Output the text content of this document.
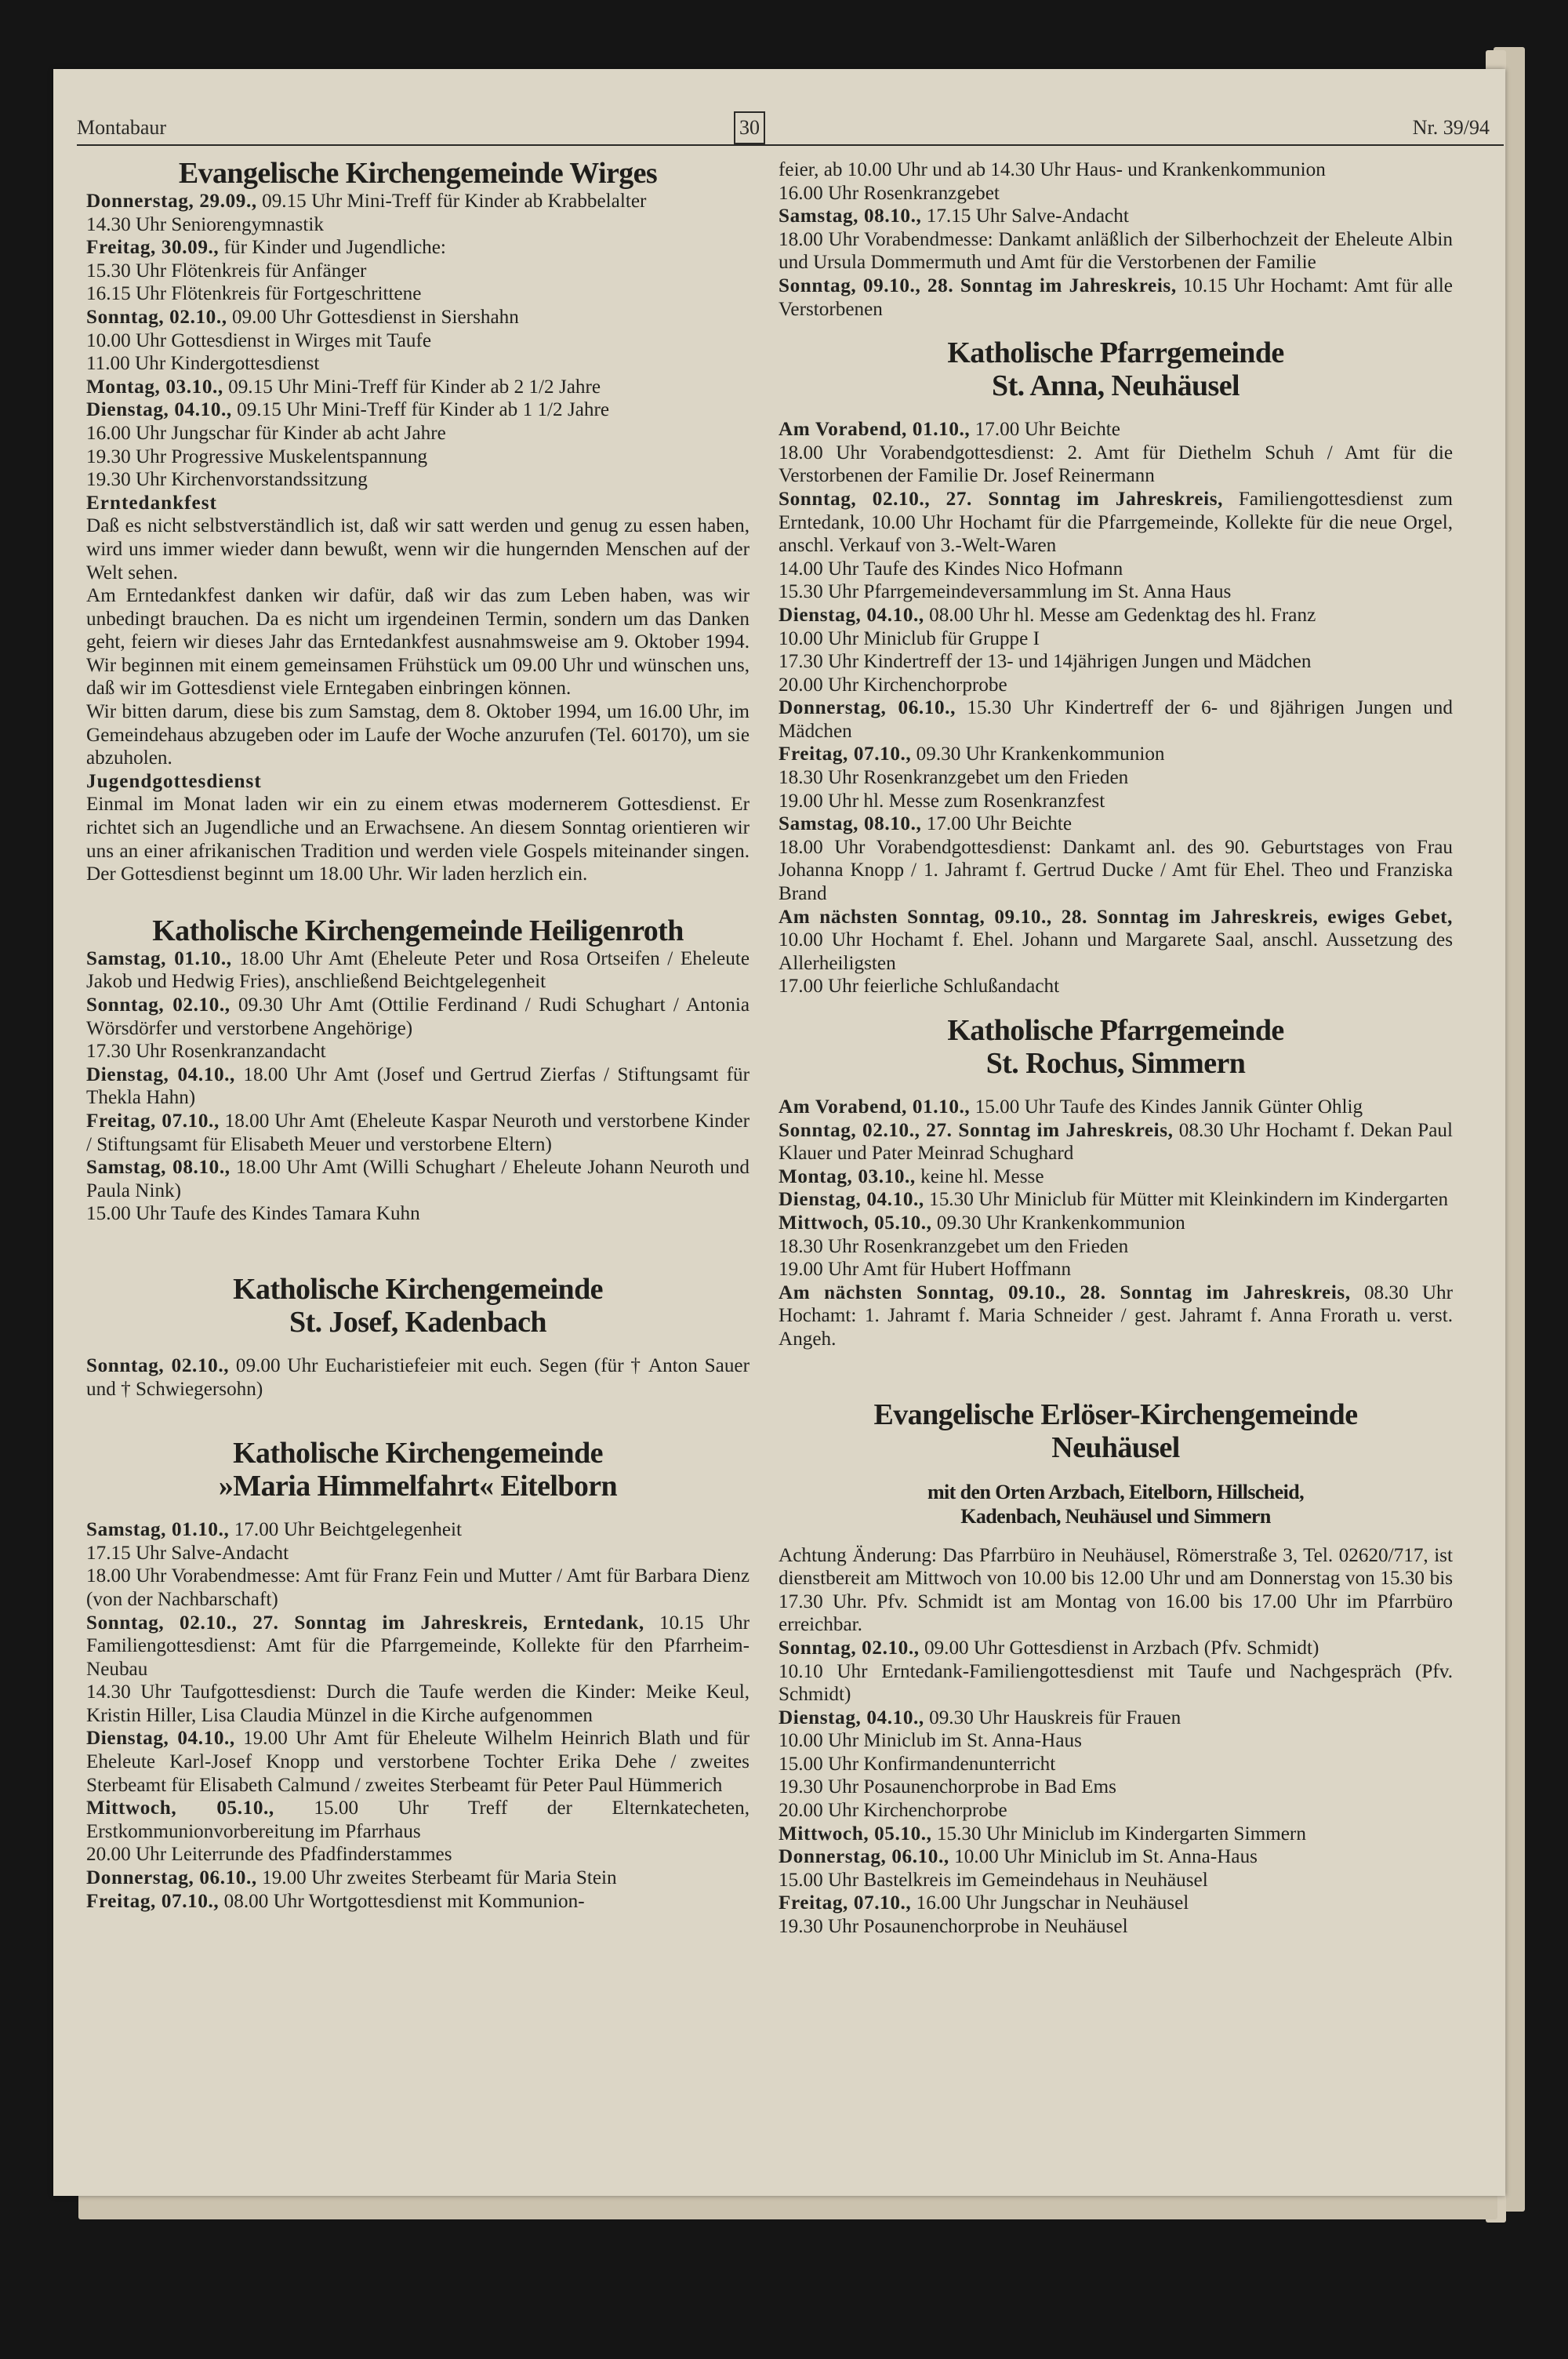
Montabaur	30	Nr. 39/94
Evangelische Kirchengemeinde Wirges

Donnerstag, 29.09., 09.15 Uhr Mini-Treff für Kinder ab Krabbelalter

14.30 Uhr Seniorengymnastik

Freitag, 30.09., für Kinder und Jugendliche:

15.30 Uhr Flötenkreis für Anfänger

16.15 Uhr Flötenkreis für Fortgeschrittene

Sonntag, 02.10., 09.00 Uhr Gottesdienst in Siershahn

10.00 Uhr Gottesdienst in Wirges mit Taufe

11.00 Uhr Kindergottesdienst

Montag, 03.10., 09.15 Uhr Mini-Treff für Kinder ab 2 1/2 Jahre

Dienstag, 04.10., 09.15 Uhr Mini-Treff für Kinder ab 1 1/2 Jahre

16.00 Uhr Jungschar für Kinder ab acht Jahre

19.30 Uhr Progressive Muskelentspannung

19.30 Uhr Kirchenvorstandssitzung

Erntedankfest

Daß es nicht selbstverständlich ist, daß wir satt werden und genug zu essen haben, wird uns immer wieder dann bewußt, wenn wir die hungernden Menschen auf der Welt sehen.

Am Erntedankfest danken wir dafür, daß wir das zum Leben haben, was wir unbedingt brauchen. Da es nicht um irgendeinen Termin, sondern um das Danken geht, feiern wir dieses Jahr das Erntedankfest ausnahmsweise am 9. Oktober 1994. Wir beginnen mit einem gemeinsamen Frühstück um 09.00 Uhr und wünschen uns, daß wir im Gottesdienst viele Erntegaben einbringen können.

Wir bitten darum, diese bis zum Samstag, dem 8. Oktober 1994, um 16.00 Uhr, im Gemeindehaus abzugeben oder im Laufe der Woche anzurufen (Tel. 60170), um sie abzuholen.

Jugendgottesdienst

Einmal im Monat laden wir ein zu einem etwas modernerem Gottesdienst. Er richtet sich an Jugendliche und an Erwachsene. An diesem Sonntag orientieren wir uns an einer afrikanischen Tradition und werden viele Gospels miteinander singen. Der Gottesdienst beginnt um 18.00 Uhr. Wir laden herzlich ein.

Katholische Kirchengemeinde Heiligenroth

Samstag, 01.10., 18.00 Uhr Amt (Eheleute Peter und Rosa Ortseifen / Eheleute Jakob und Hedwig Fries), anschließend Beichtgelegenheit

Sonntag, 02.10., 09.30 Uhr Amt (Ottilie Ferdinand / Rudi Schughart / Antonia Wörsdörfer und verstorbene Angehörige)

17.30 Uhr Rosenkranzandacht

Dienstag, 04.10., 18.00 Uhr Amt (Josef und Gertrud Zierfas / Stiftungsamt für Thekla Hahn)

Freitag, 07.10., 18.00 Uhr Amt (Eheleute Kaspar Neuroth und verstorbene Kinder / Stiftungsamt für Elisabeth Meuer und verstorbene Eltern)

Samstag, 08.10., 18.00 Uhr Amt (Willi Schughart / Eheleute Johann Neuroth und Paula Nink)

15.00 Uhr Taufe des Kindes Tamara Kuhn

Katholische Kirchengemeinde
St. Josef, Kadenbach

Sonntag, 02.10., 09.00 Uhr Eucharistiefeier mit euch. Segen (für † Anton Sauer und † Schwiegersohn)

Katholische Kirchengemeinde
»Maria Himmelfahrt« Eitelborn

Samstag, 01.10., 17.00 Uhr Beichtgelegenheit

17.15 Uhr Salve-Andacht

18.00 Uhr Vorabendmesse: Amt für Franz Fein und Mutter / Amt für Barbara Dienz (von der Nachbarschaft)

Sonntag, 02.10., 27. Sonntag im Jahreskreis, Erntedank, 10.15 Uhr Familiengottesdienst: Amt für die Pfarrgemeinde, Kollekte für den Pfarrheim-Neubau

14.30 Uhr Taufgottesdienst: Durch die Taufe werden die Kinder: Meike Keul, Kristin Hiller, Lisa Claudia Münzel in die Kirche aufgenommen

Dienstag, 04.10., 19.00 Uhr Amt für Eheleute Wilhelm Heinrich Blath und für Eheleute Karl-Josef Knopp und verstorbene Tochter Erika Dehe / zweites Sterbeamt für Elisabeth Calmund / zweites Sterbeamt für Peter Paul Hümmerich

Mittwoch, 05.10., 15.00 Uhr Treff der Elternkatecheten, Erstkommunionvorbereitung im Pfarrhaus

20.00 Uhr Leiterrunde des Pfadfinderstammes

Donnerstag, 06.10., 19.00 Uhr zweites Sterbeamt für Maria Stein

Freitag, 07.10., 08.00 Uhr Wortgottesdienst mit Kommunion-

feier, ab 10.00 Uhr und ab 14.30 Uhr Haus- und Krankenkommunion

16.00 Uhr Rosenkranzgebet

Samstag, 08.10., 17.15 Uhr Salve-Andacht

18.00 Uhr Vorabendmesse: Dankamt anläßlich der Silberhochzeit der Eheleute Albin und Ursula Dommermuth und Amt für die Verstorbenen der Familie

Sonntag, 09.10., 28. Sonntag im Jahreskreis, 10.15 Uhr Hochamt: Amt für alle Verstorbenen

Katholische Pfarrgemeinde
St. Anna, Neuhäusel

Am Vorabend, 01.10., 17.00 Uhr Beichte

18.00 Uhr Vorabendgottesdienst: 2. Amt für Diethelm Schuh / Amt für die Verstorbenen der Familie Dr. Josef Reinermann

Sonntag, 02.10., 27. Sonntag im Jahreskreis, Familiengottesdienst zum Erntedank, 10.00 Uhr Hochamt für die Pfarrgemeinde, Kollekte für die neue Orgel, anschl. Verkauf von 3.-Welt-Waren

14.00 Uhr Taufe des Kindes Nico Hofmann

15.30 Uhr Pfarrgemeindeversammlung im St. Anna Haus

Dienstag, 04.10., 08.00 Uhr hl. Messe am Gedenktag des hl. Franz

10.00 Uhr Miniclub für Gruppe I

17.30 Uhr Kindertreff der 13- und 14jährigen Jungen und Mädchen

20.00 Uhr Kirchenchorprobe

Donnerstag, 06.10., 15.30 Uhr Kindertreff der 6- und 8jährigen Jungen und Mädchen

Freitag, 07.10., 09.30 Uhr Krankenkommunion

18.30 Uhr Rosenkranzgebet um den Frieden

19.00 Uhr hl. Messe zum Rosenkranzfest

Samstag, 08.10., 17.00 Uhr Beichte

18.00 Uhr Vorabendgottesdienst: Dankamt anl. des 90. Geburtstages von Frau Johanna Knopp / 1. Jahramt f. Gertrud Ducke / Amt für Ehel. Theo und Franziska Brand

Am nächsten Sonntag, 09.10., 28. Sonntag im Jahreskreis, ewiges Gebet, 10.00 Uhr Hochamt f. Ehel. Johann und Margarete Saal, anschl. Aussetzung des Allerheiligsten

17.00 Uhr feierliche Schlußandacht

Katholische Pfarrgemeinde
St. Rochus, Simmern

Am Vorabend, 01.10., 15.00 Uhr Taufe des Kindes Jannik Günter Ohlig

Sonntag, 02.10., 27. Sonntag im Jahreskreis, 08.30 Uhr Hochamt f. Dekan Paul Klauer und Pater Meinrad Schughard

Montag, 03.10., keine hl. Messe

Dienstag, 04.10., 15.30 Uhr Miniclub für Mütter mit Kleinkindern im Kindergarten

Mittwoch, 05.10., 09.30 Uhr Krankenkommunion

18.30 Uhr Rosenkranzgebet um den Frieden

19.00 Uhr Amt für Hubert Hoffmann

Am nächsten Sonntag, 09.10., 28. Sonntag im Jahreskreis, 08.30 Uhr Hochamt: 1. Jahramt f. Maria Schneider / gest. Jahramt f. Anna Frorath u. verst. Angeh.

Evangelische Erlöser-Kirchengemeinde
Neuhäusel
mit den Orten Arzbach, Eitelborn, Hillscheid,
Kadenbach, Neuhäusel und Simmern

Achtung Änderung: Das Pfarrbüro in Neuhäusel, Römerstraße 3, Tel. 02620/717, ist dienstbereit am Mittwoch von 10.00 bis 12.00 Uhr und am Donnerstag von 15.30 bis 17.30 Uhr. Pfv. Schmidt ist am Montag von 16.00 bis 17.00 Uhr im Pfarrbüro erreichbar.

Sonntag, 02.10., 09.00 Uhr Gottesdienst in Arzbach (Pfv. Schmidt)

10.10 Uhr Erntedank-Familiengottesdienst mit Taufe und Nachgespräch (Pfv. Schmidt)

Dienstag, 04.10., 09.30 Uhr Hauskreis für Frauen

10.00 Uhr Miniclub im St. Anna-Haus

15.00 Uhr Konfirmandenunterricht

19.30 Uhr Posaunenchorprobe in Bad Ems

20.00 Uhr Kirchenchorprobe

Mittwoch, 05.10., 15.30 Uhr Miniclub im Kindergarten Simmern

Donnerstag, 06.10., 10.00 Uhr Miniclub im St. Anna-Haus

15.00 Uhr Bastelkreis im Gemeindehaus in Neuhäusel

Freitag, 07.10., 16.00 Uhr Jungschar in Neuhäusel

19.30 Uhr Posaunenchorprobe in Neuhäusel
